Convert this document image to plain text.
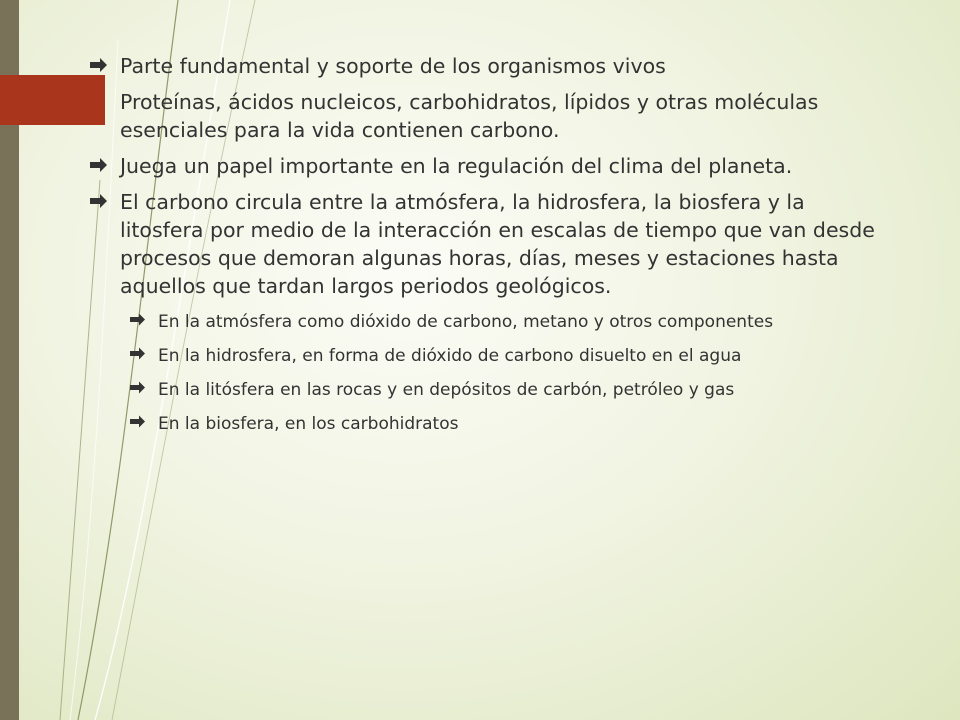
Parte fundamental y soporte de los organismos vivos
Proteínas, ácidos nucleicos, carbohidratos, lípidos y otras moléculas esenciales para la vida contienen carbono.
Juega un papel importante en la regulación del clima del planeta.
El carbono circula entre la atmósfera, la hidrosfera, la biosfera y la litosfera por medio de la interacción en escalas de tiempo que van desde procesos que demoran algunas horas, días, meses y estaciones hasta aquellos que tardan largos periodos geológicos.
En la atmósfera como dióxido de carbono, metano y otros componentes
En la hidrosfera, en forma de dióxido de carbono disuelto en el agua
En la litósfera en las rocas y en depósitos de carbón, petróleo y gas
En la biosfera, en los carbohidratos
